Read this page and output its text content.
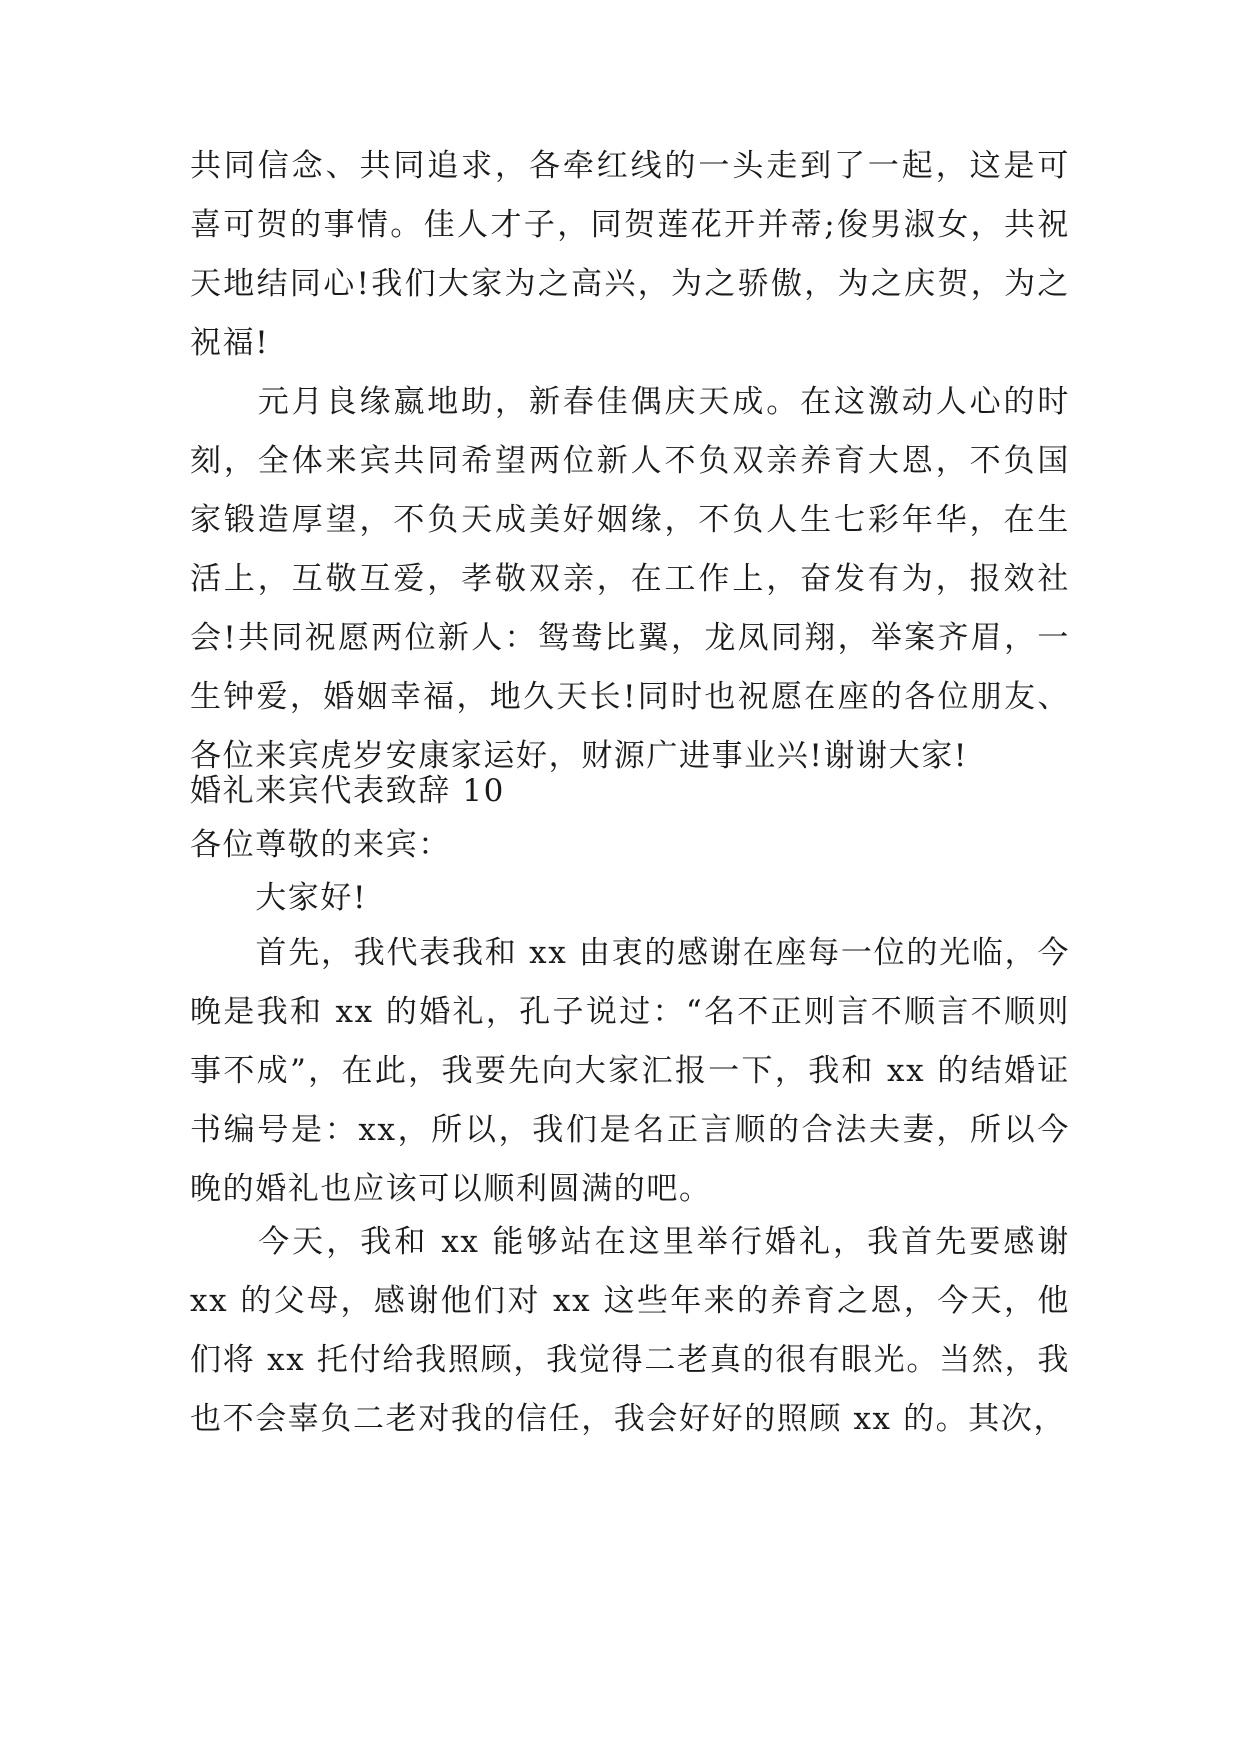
共同信念、共同追求，各牵红线的一头走到了一起，这是可喜可贺的事情。佳人才子，同贺莲花开并蒂;俊男淑女，共祝天地结同心!我们大家为之高兴，为之骄傲，为之庆贺，为之祝福!

　　元月良缘嬴地助，新春佳偶庆天成。在这激动人心的时刻，全体来宾共同希望两位新人不负双亲养育大恩，不负国家锻造厚望，不负天成美好姻缘，不负人生七彩年华，在生活上，互敬互爱，孝敬双亲，在工作上，奋发有为，报效社会!共同祝愿两位新人：鸳鸯比翼，龙凤同翔，举案齐眉，一生钟爱，婚姻幸福，地久天长!同时也祝愿在座的各位朋友、各位来宾虎岁安康家运好，财源广进事业兴!谢谢大家!

婚礼来宾代表致辞 10

各位尊敬的来宾：

　　大家好!

　　首先，我代表我和 xx 由衷的感谢在座每一位的光临，今晚是我和 xx 的婚礼，孔子说过：“名不正则言不顺言不顺则事不成”，在此，我要先向大家汇报一下，我和 xx 的结婚证书编号是：xx，所以，我们是名正言顺的合法夫妻，所以今晚的婚礼也应该可以顺利圆满的吧。

　　今天，我和 xx 能够站在这里举行婚礼，我首先要感谢 xx 的父母，感谢他们对 xx 这些年来的养育之恩，今天，他们将 xx 托付给我照顾，我觉得二老真的很有眼光。当然，我也不会辜负二老对我的信任，我会好好的照顾 xx 的。其次，
